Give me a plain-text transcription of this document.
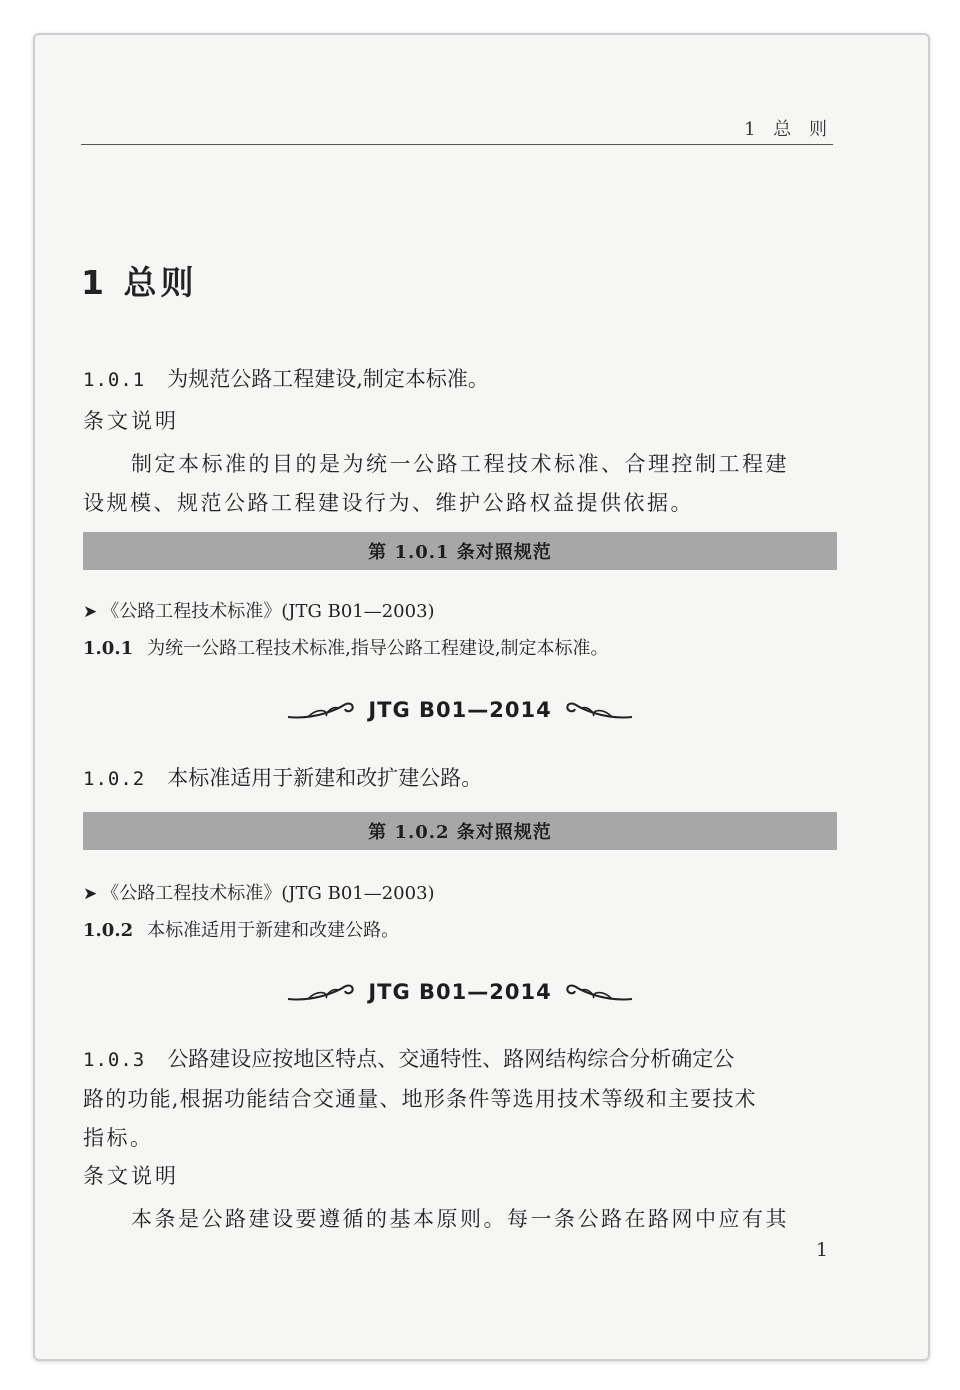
1 总 则
1 总则
1.0.1 为规范公路工程建设,制定本标准。
条文说明
制定本标准的目的是为统一公路工程技术标准、合理控制工程建
设规模、规范公路工程建设行为、维护公路权益提供依据。
第 1.0.1 条对照规范
➤ 《公路工程技术标准》(JTG B01—2003)
1.0.1 为统一公路工程技术标准,指导公路工程建设,制定本标准。
JTG B01—2014
1.0.2 本标准适用于新建和改扩建公路。
第 1.0.2 条对照规范
➤ 《公路工程技术标准》(JTG B01—2003)
1.0.2 本标准适用于新建和改建公路。
JTG B01—2014
1.0.3 公路建设应按地区特点、交通特性、路网结构综合分析确定公
路的功能,根据功能结合交通量、地形条件等选用技术等级和主要技术
指标。
条文说明
本条是公路建设要遵循的基本原则。每一条公路在路网中应有其
1
